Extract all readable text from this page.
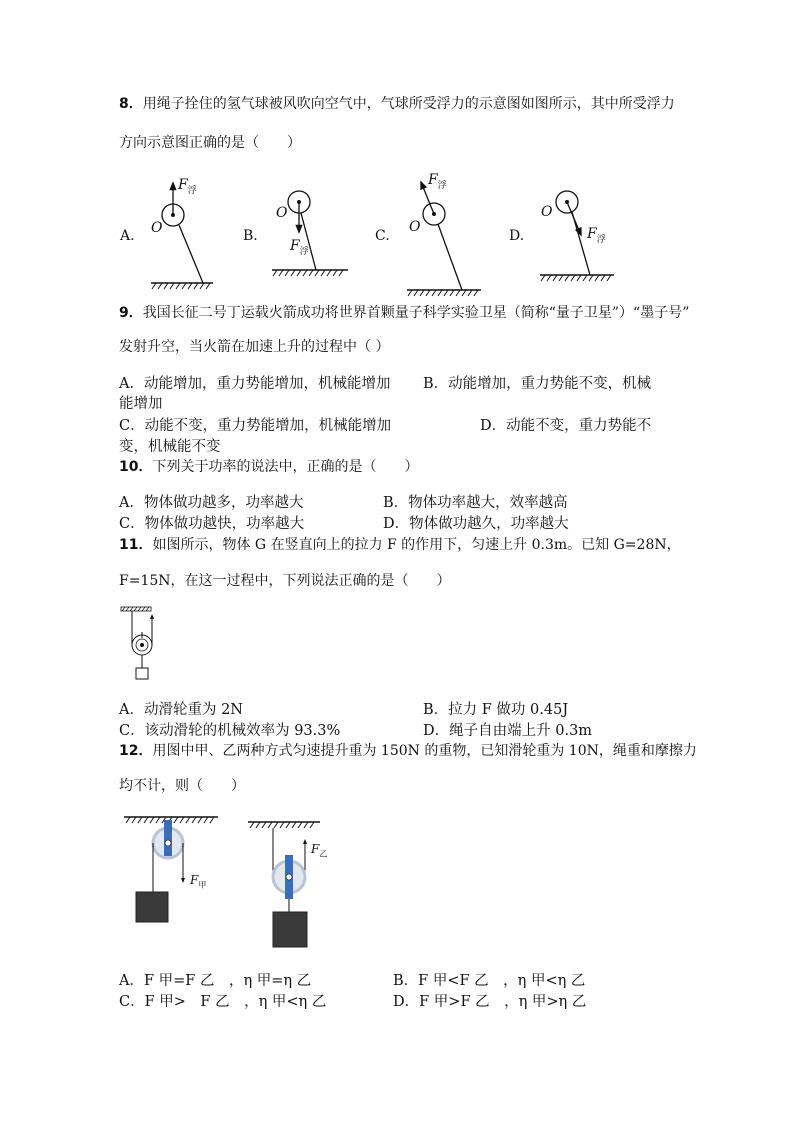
8．用绳子拴住的氢气球被风吹向空气中，气球所受浮力的示意图如图所示，其中所受浮力
方向示意图正确的是（　　）
A. O
$F_浮$
B.
O
$F_浮$
C.
O
$F_浮$
D.
O
$F_浮$
9．我国长征二号丁运载火箭成功将世界首颗量子科学实验卫星（简称“量子卫星”）“墨子号”
发射升空，当火箭在加速上升的过程中（ ）
A．动能增加，重力势能增加，机械能增加 B．动能增加，重力势能不变，机械
能增加
C．动能不变，重力势能增加，机械能增加	D．动能不变，重力势能不
变，机械能不变
10．下列关于功率的说法中，正确的是（　　）
A．物体做功越多，功率越大	B．物体功率越大，效率越高
C．物体做功越快，功率越大	D．物体做功越久，功率越大
11．如图所示，物体 G 在竖直向上的拉力 F 的作用下，匀速上升 0.3m。已知 G=28N，
F=15N，在这一过程中，下列说法正确的是（　　）
A．动滑轮重为 2N	B．拉力 F 做功 0.45J
C．该动滑轮的机械效率为 93.3%	D．绳子自由端上升 0.3m
12．用图中甲、乙两种方式匀速提升重为 150N 的重物，已知滑轮重为 10N，绳重和摩擦力
均不计，则（　　）
$F_甲$
$F_乙$
A．F 甲=F 乙　，η 甲=η 乙	B．F 甲<F 乙　，η 甲<η 乙
C．F 甲>　F 乙　，η 甲<η 乙	D．F 甲>F 乙　，η 甲>η 乙
